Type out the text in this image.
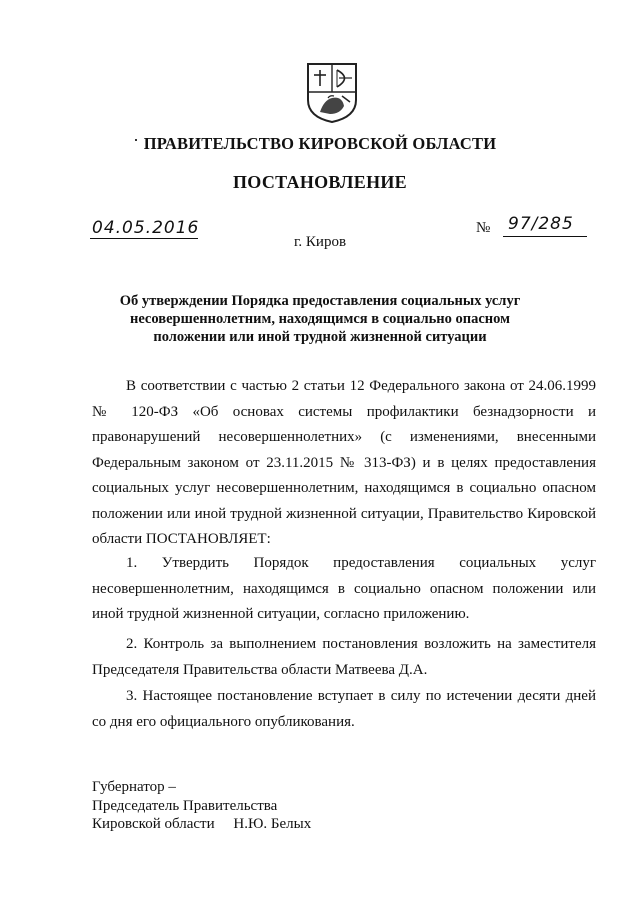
ПРАВИТЕЛЬСТВО КИРОВСКОЙ ОБЛАСТИ
ПОСТАНОВЛЕНИЕ
04.05.2016
г. Киров
№ 97/285
Об утверждении Порядка предоставления социальных услуг несовершеннолетним, находящимся в социально опасном положении или иной трудной жизненной ситуации
В соответствии с частью 2 статьи 12 Федерального закона от 24.06.1999 № 120-ФЗ «Об основах системы профилактики безнадзорности и правонарушений несовершеннолетних» (с изменениями, внесенными Федеральным законом от 23.11.2015 № 313-ФЗ) и в целях предоставления социальных услуг несовершеннолетним, находящимся в социально опасном положении или иной трудной жизненной ситуации, Правительство Кировской области ПОСТАНОВЛЯЕТ:
1. Утвердить Порядок предоставления социальных услуг несовершеннолетним, находящимся в социально опасном положении или иной трудной жизненной ситуации, согласно приложению.
2. Контроль за выполнением постановления возложить на заместителя Председателя Правительства области Матвеева Д.А.
3. Настоящее постановление вступает в силу по истечении десяти дней со дня его официального опубликования.
Губернатор –
Председатель Правительства
Кировской области     Н.Ю. Белых
